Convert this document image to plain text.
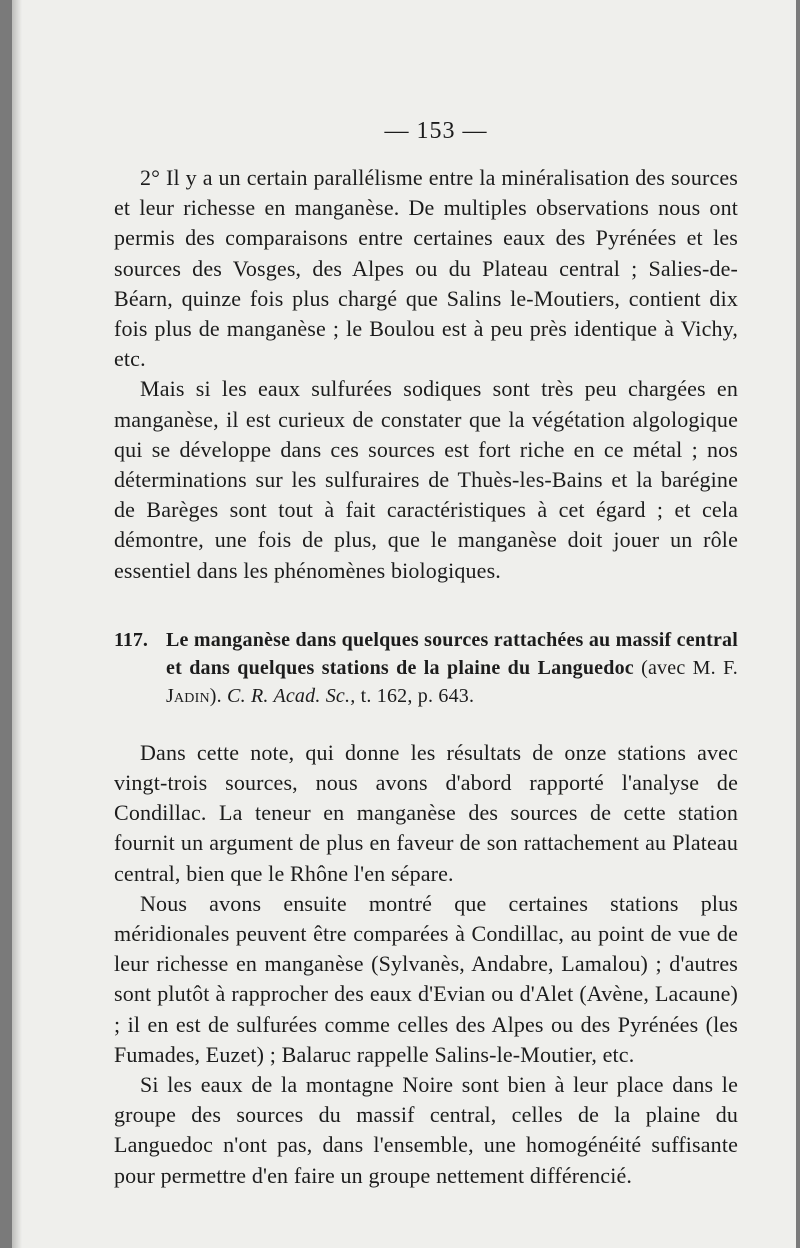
— 153 —

2° Il y a un certain parallélisme entre la minéralisation des sources et leur richesse en manganèse. De multiples observations nous ont permis des comparaisons entre certaines eaux des Pyrénées et les sources des Vosges, des Alpes ou du Plateau central ; Salies-de-Béarn, quinze fois plus chargé que Salins le-Moutiers, contient dix fois plus de manganèse ; le Boulou est à peu près identique à Vichy, etc.

Mais si les eaux sulfurées sodiques sont très peu chargées en manganèse, il est curieux de constater que la végétation algologique qui se développe dans ces sources est fort riche en ce métal ; nos déterminations sur les sulfuraires de Thuès-les-Bains et la barégine de Barèges sont tout à fait caractéristiques à cet égard ; et cela démontre, une fois de plus, que le manganèse doit jouer un rôle essentiel dans les phénomènes biologiques.

117. Le manganèse dans quelques sources rattachées au massif central et dans quelques stations de la plaine du Languedoc (avec M. F. Jadin). C. R. Acad. Sc., t. 162, p. 643.

Dans cette note, qui donne les résultats de onze stations avec vingt-trois sources, nous avons d'abord rapporté l'analyse de Condillac. La teneur en manganèse des sources de cette station fournit un argument de plus en faveur de son rattachement au Plateau central, bien que le Rhône l'en sépare.

Nous avons ensuite montré que certaines stations plus méridionales peuvent être comparées à Condillac, au point de vue de leur richesse en manganèse (Sylvanès, Andabre, Lamalou) ; d'autres sont plutôt à rapprocher des eaux d'Evian ou d'Alet (Avène, Lacaune) ; il en est de sulfurées comme celles des Alpes ou des Pyrénées (les Fumades, Euzet) ; Balaruc rappelle Salins-le-Moutier, etc.

Si les eaux de la montagne Noire sont bien à leur place dans le groupe des sources du massif central, celles de la plaine du Languedoc n'ont pas, dans l'ensemble, une homogénéité suffisante pour permettre d'en faire un groupe nettement différencié.
